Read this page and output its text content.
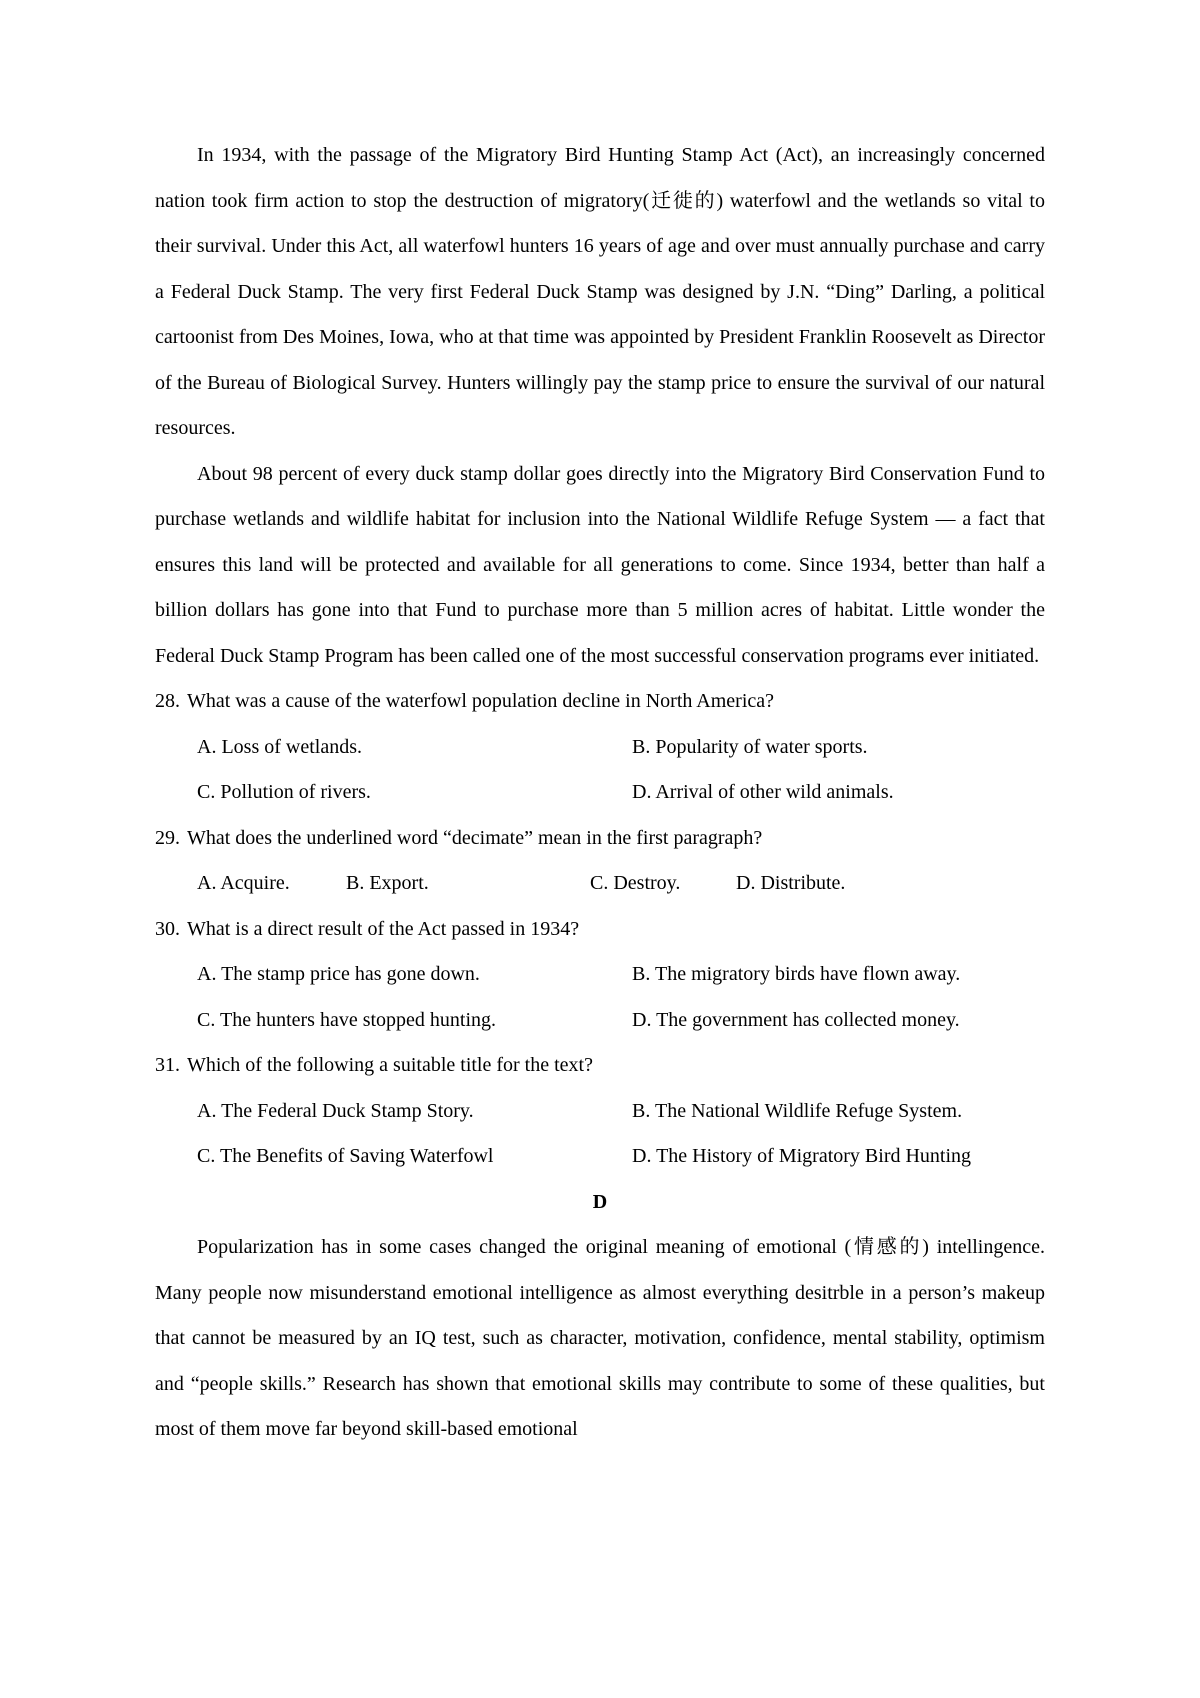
In 1934, with the passage of the Migratory Bird Hunting Stamp Act (Act), an increasingly concerned nation took firm action to stop the destruction of migratory(迁徙的) waterfowl and the wetlands so vital to their survival. Under this Act, all waterfowl hunters 16 years of age and over must annually purchase and carry a Federal Duck Stamp. The very first Federal Duck Stamp was designed by J.N. “Ding” Darling, a political cartoonist from Des Moines, Iowa, who at that time was appointed by President Franklin Roosevelt as Director of the Bureau of Biological Survey. Hunters willingly pay the stamp price to ensure the survival of our natural resources.

About 98 percent of every duck stamp dollar goes directly into the Migratory Bird Conservation Fund to purchase wetlands and wildlife habitat for inclusion into the National Wildlife Refuge System — a fact that ensures this land will be protected and available for all generations to come. Since 1934, better than half a billion dollars has gone into that Fund to purchase more than 5 million acres of habitat. Little wonder the Federal Duck Stamp Program has been called one of the most successful conservation programs ever initiated.

28. What was a cause of the waterfowl population decline in North America?

A. Loss of wetlands.	B. Popularity of water sports.
C. Pollution of rivers.	D. Arrival of other wild animals.

29. What does the underlined word “decimate” mean in the first paragraph?

A. Acquire.	B. Export.	C. Destroy.	D. Distribute.

30. What is a direct result of the Act passed in 1934?

A. The stamp price has gone down.	B. The migratory birds have flown away.
C. The hunters have stopped hunting.	D. The government has collected money.

31. Which of the following a suitable title for the text?

A. The Federal Duck Stamp Story.	B. The National Wildlife Refuge System.
C. The Benefits of Saving Waterfowl	D. The History of Migratory Bird Hunting

D

Popularization has in some cases changed the original meaning of emotional (情感的) intellingence. Many people now misunderstand emotional intelligence as almost everything desitrble in a person’s makeup that cannot be measured by an IQ test, such as character, motivation, confidence, mental stability, optimism and “people skills.” Research has shown that emotional skills may contribute to some of these qualities, but most of them move far beyond skill-based emotional
